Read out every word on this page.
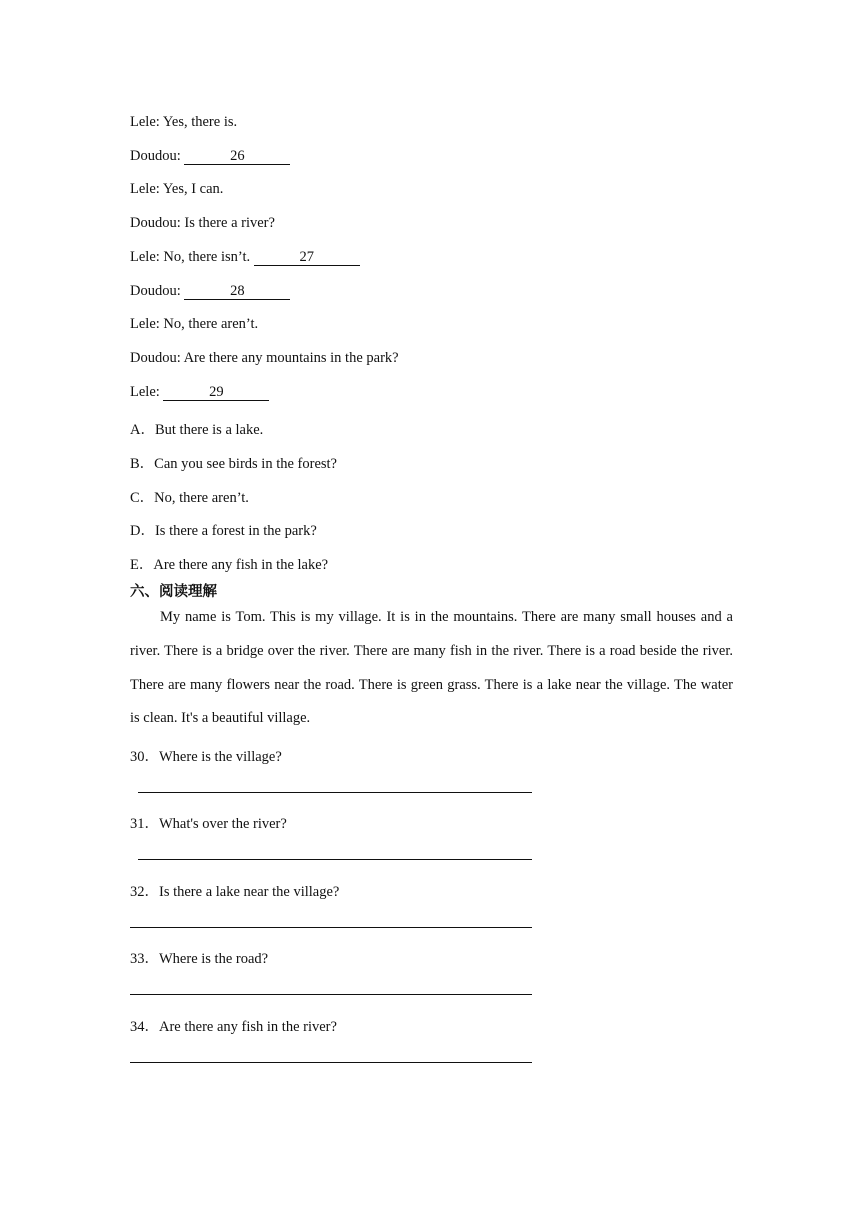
Lele: Yes, there is.
Doudou:	26
Lele: Yes, I can.
Doudou: Is there a river?
Lele: No, there isn’t.	27
Doudou:	28
Lele: No, there aren’t.
Doudou: Are there any mountains in the park?
Lele:	29
A．But there is a lake.
B．Can you see birds in the forest?
C．No, there aren’t.
D．Is there a forest in the park?
E．Are there any fish in the lake?
六、阅读理解

My name is Tom. This is my village. It is in the mountains. There are many small houses and a river. There is a bridge over the river. There are many fish in the river. There is a road beside the river. There are many flowers near the road. There is green grass. There is a lake near the village. The water is clean. It's a beautiful village.

30．Where is the village?
31．What's over the river?
32．Is there a lake near the village?
33．Where is the road?
34．Are there any fish in the river?
